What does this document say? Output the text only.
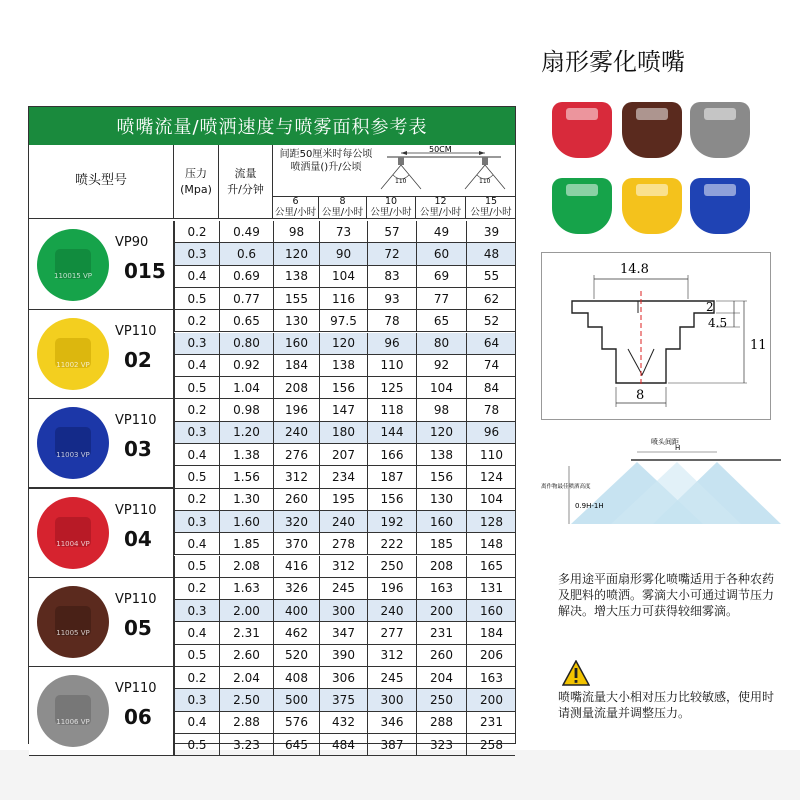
喷嘴流量/喷洒速度与喷雾面积参考表
喷头型号
压力
(Mpa)
流量
升/分钟
间距50厘米时每公顷喷洒量()升/公顷
50CM
110	110
6
公里/小时
8
公里/小时
10
公里/小时
12
公里/小时
15
公里/小时
0.2	0.49	98	73	57	49	39
0.3	0.6	120	90	72	60	48
0.4	0.69	138	104	83	69	55
0.5	0.77	155	116	93	77	62
110015 VP
VP90
015
0.2	0.65	130	97.5	78	65	52
0.3	0.80	160	120	96	80	64
0.4	0.92	184	138	110	92	74
0.5	1.04	208	156	125	104	84
11002 VP
VP110
02
0.2	0.98	196	147	118	98	78
0.3	1.20	240	180	144	120	96
0.4	1.38	276	207	166	138	110
0.5	1.56	312	234	187	156	124
11003 VP
VP110
03
0.2	1.30	260	195	156	130	104
0.3	1.60	320	240	192	160	128
0.4	1.85	370	278	222	185	148
0.5	2.08	416	312	250	208	165
11004 VP
VP110
04
0.2	1.63	326	245	196	163	131
0.3	2.00	400	300	240	200	160
0.4	2.31	462	347	277	231	184
0.5	2.60	520	390	312	260	206
11005 VP
VP110
05
0.2	2.04	408	306	245	204	163
0.3	2.50	500	375	300	250	200
0.4	2.88	576	432	346	288	231
0.5	3.23	645	484	387	323	258
11006 VP
VP110
06
扇形雾化喷嘴
14.8
2
4.5
11
8
喷头间距
H
离作物最佳喷洒高度
0.9H-1H
多用途平面扇形雾化喷嘴适用于各种农药及肥料的喷洒。雾滴大小可通过调节压力解决。增大压力可获得较细雾滴。
喷嘴流量大小相对压力比较敏感，使用时请测量流量并调整压力。
